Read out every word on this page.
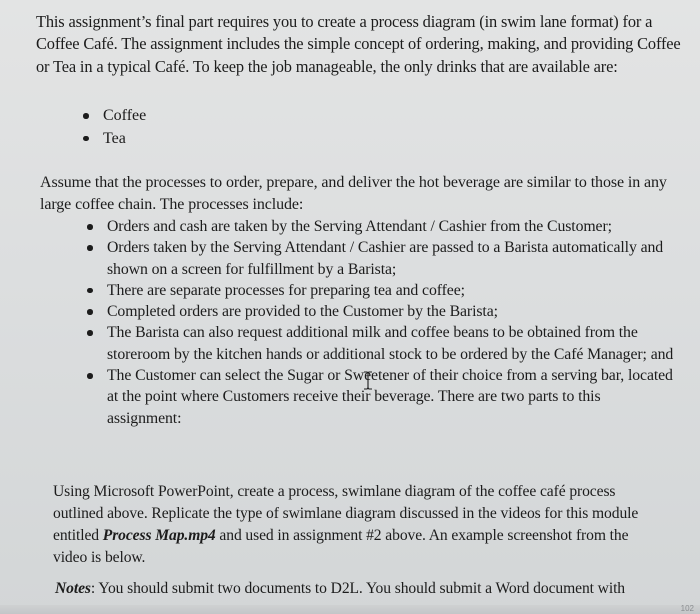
This assignment’s final part requires you to create a process diagram (in swim lane format) for a Coffee Café. The assignment includes the simple concept of ordering, making, and providing Coffee or Tea in a typical Café. To keep the job manageable, the only drinks that are available are:

Coffee
Tea

Assume that the processes to order, prepare, and deliver the hot beverage are similar to those in any large coffee chain. The processes include:

Orders and cash are taken by the Serving Attendant / Cashier from the Customer;
Orders taken by the Serving Attendant / Cashier are passed to a Barista automatically and shown on a screen for fulfillment by a Barista;
There are separate processes for preparing tea and coffee;
Completed orders are provided to the Customer by the Barista;
The Barista can also request additional milk and coffee beans to be obtained from the storeroom by the kitchen hands or additional stock to be ordered by the Café Manager; and
The Customer can select the Sugar or Sweetener of their choice from a serving bar, located at the point where Customers receive their beverage. There are two parts to this assignment:

Using Microsoft PowerPoint, create a process, swimlane diagram of the coffee café process outlined above. Replicate the type of swimlane diagram discussed in the videos for this module entitled Process Map.mp4 and used in assignment #2 above. An example screenshot from the video is below.

Notes: You should submit two documents to D2L. You should submit a Word document with

102
